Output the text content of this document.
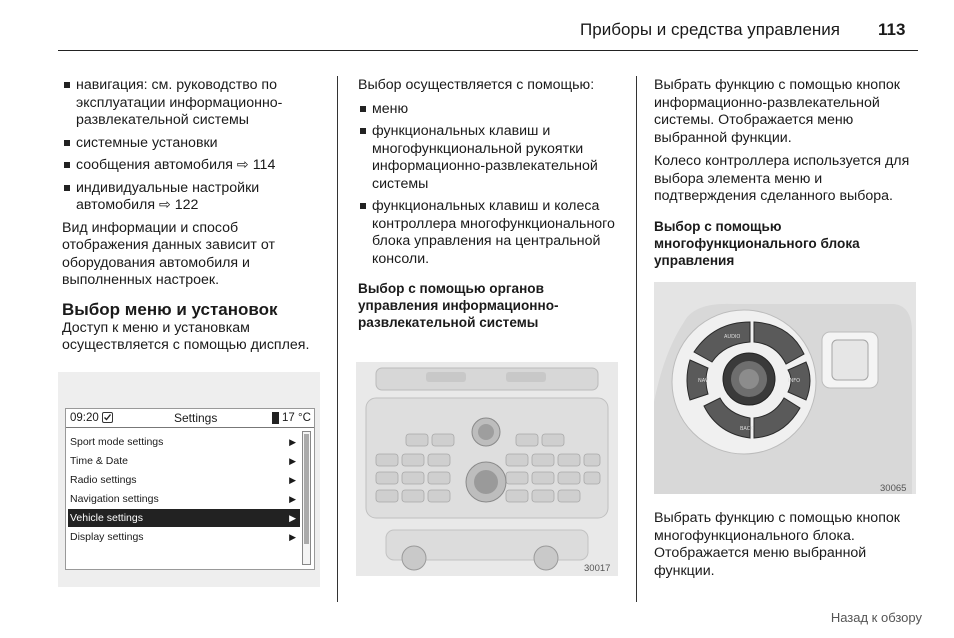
Приборы и средства управления 113
навигация: см. руководство по эксплуатации информационно-развлекательной системы
системные установки
сообщения автомобиля ⇨ 114
индивидуальные настройки автомобиля ⇨ 122

Вид информации и способ отображения данных зависит от оборудования автомобиля и выполненных настроек.

Выбор меню и установок

Доступ к меню и установкам осуществляется с помощью дисплея.

09:20	Settings	17 °C
Sport mode settings	▶
Time & Date	▶
Radio settings	▶
Navigation settings	▶
Vehicle settings	▶
Display settings	▶

Выбор осуществляется с помощью:

меню
функциональных клавиш и многофункциональной рукоятки информационно-развлекательной системы
функциональных клавиш и колеса контроллера многофункционального блока управления на центральной консоли.
Выбор с помощью органов управления информационно-развлекательной системы
30017

Выбрать функцию с помощью кнопок информационно-развлекательной системы. Отображается меню выбранной функции.

Колесо контроллера используется для выбора элемента меню и подтверждения сделанного выбора.

Выбор с помощью многофункционального блока управления
AUDIO
NAV	INFO
BACK
30065

Выбрать функцию с помощью кнопок многофункционального блока. Отображается меню выбранной функции.

Назад к обзору
